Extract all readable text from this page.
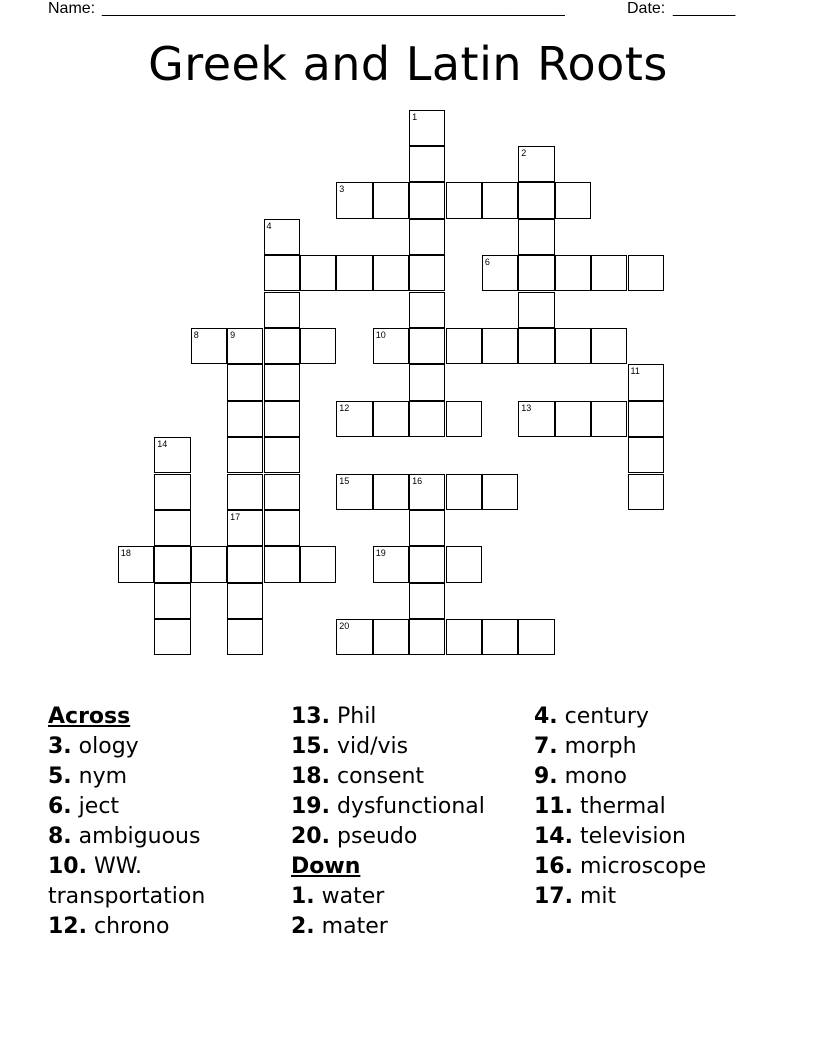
Name: ____________________________________________________	Date: _______
Greek and Latin Roots
1
2
3
4
6
8	9	10
12	13
11
14
15	16
17
18	19
20
Across
3. ology
5. nym
6. ject
8. ambiguous
10. WW.
transportation
12. chrono
13. Phil
15. vid/vis
18. consent
19. dysfunctional
20. pseudo
Down
1. water
2. mater
4. century
7. morph
9. mono
11. thermal
14. television
16. microscope
17. mit
